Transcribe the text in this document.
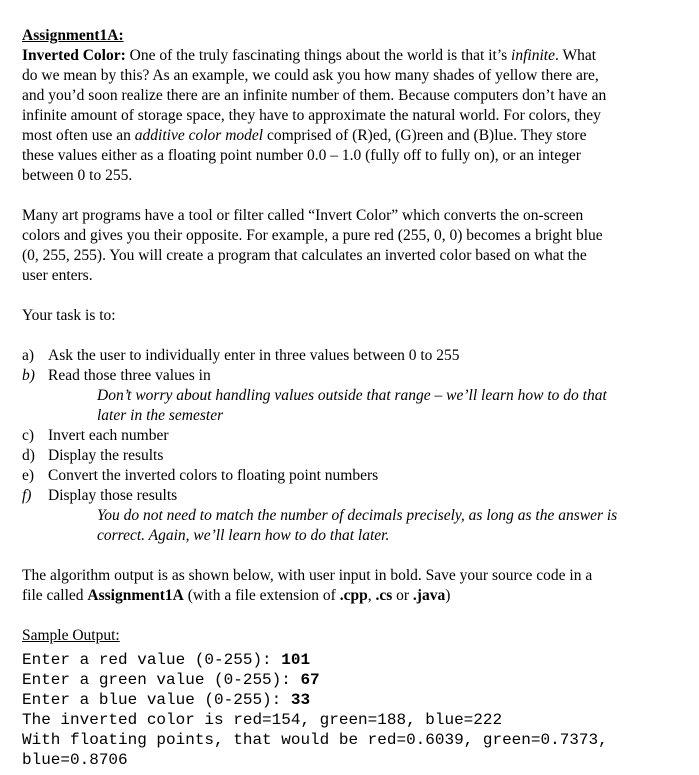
Assignment1A:
Inverted Color: One of the truly fascinating things about the world is that it’s infinite. What
do we mean by this? As an example, we could ask you how many shades of yellow there are,
and you’d soon realize there are an infinite number of them. Because computers don’t have an
infinite amount of storage space, they have to approximate the natural world. For colors, they
most often use an additive color model comprised of (R)ed, (G)reen and (B)lue. They store
these values either as a floating point number 0.0 – 1.0 (fully off to fully on), or an integer
between 0 to 255.
Many art programs have a tool or filter called “Invert Color” which converts the on-screen
colors and gives you their opposite. For example, a pure red (255, 0, 0) becomes a bright blue
(0, 255, 255). You will create a program that calculates an inverted color based on what the
user enters.
Your task is to:
a) Ask the user to individually enter in three values between 0 to 255
b) Read those three values in
Don’t worry about handling values outside that range – we’ll learn how to do that
later in the semester
c) Invert each number
d) Display the results
e) Convert the inverted colors to floating point numbers
f)	Display those results
You do not need to match the number of decimals precisely, as long as the answer is
correct. Again, we’ll learn how to do that later.
The algorithm output is as shown below, with user input in bold. Save your source code in a
file called Assignment1A (with a file extension of .cpp, .cs or .java)
Sample Output:
Enter a red value (0-255): 101
Enter a green value (0-255): 67
Enter a blue value (0-255): 33
The inverted color is red=154, green=188, blue=222
With floating points, that would be red=0.6039, green=0.7373,
blue=0.8706
